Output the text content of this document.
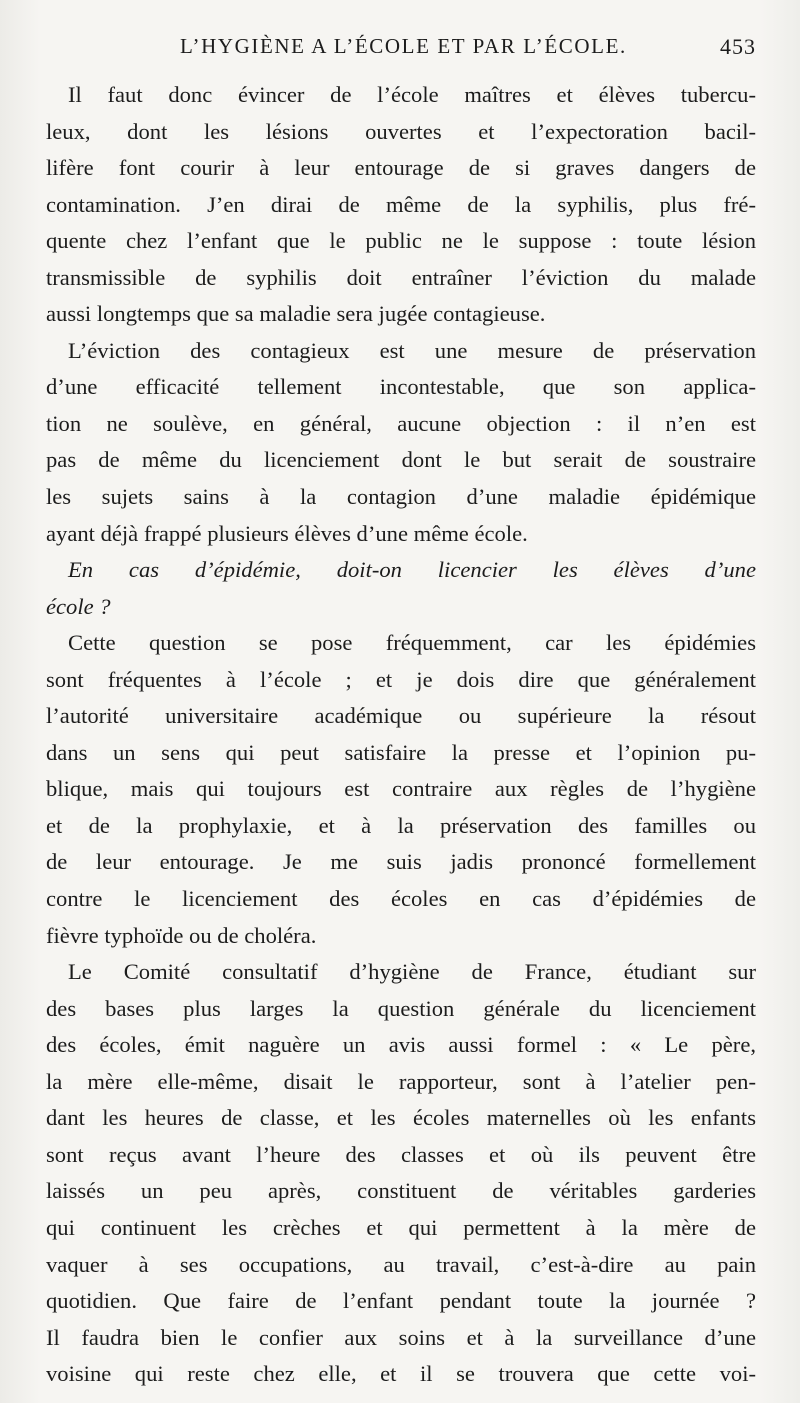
L’HYGIÈNE A L’ÉCOLE ET PAR L’ÉCOLE.	453
Il faut donc évincer de l’école maîtres et élèves tubercu-
leux, dont les lésions ouvertes et l’expectoration bacil-
lifère font courir à leur entourage de si graves dangers de
contamination. J’en dirai de même de la syphilis, plus fré-
quente chez l’enfant que le public ne le suppose : toute lésion
transmissible de syphilis doit entraîner l’éviction du malade
aussi longtemps que sa maladie sera jugée contagieuse.
L’éviction des contagieux est une mesure de préservation
d’une efficacité tellement incontestable, que son applica-
tion ne soulève, en général, aucune objection : il n’en est
pas de même du licenciement dont le but serait de soustraire
les sujets sains à la contagion d’une maladie épidémique
ayant déjà frappé plusieurs élèves d’une même école.
En cas d’épidémie, doit-on licencier les élèves d’une
école ?
Cette question se pose fréquemment, car les épidémies
sont fréquentes à l’école ; et je dois dire que généralement
l’autorité universitaire académique ou supérieure la résout
dans un sens qui peut satisfaire la presse et l’opinion pu-
blique, mais qui toujours est contraire aux règles de l’hygiène
et de la prophylaxie, et à la préservation des familles ou
de leur entourage. Je me suis jadis prononcé formellement
contre le licenciement des écoles en cas d’épidémies de
fièvre typhoïde ou de choléra.
Le Comité consultatif d’hygiène de France, étudiant sur
des bases plus larges la question générale du licenciement
des écoles, émit naguère un avis aussi formel : « Le père,
la mère elle-même, disait le rapporteur, sont à l’atelier pen-
dant les heures de classe, et les écoles maternelles où les enfants
sont reçus avant l’heure des classes et où ils peuvent être
laissés un peu après, constituent de véritables garderies
qui continuent les crèches et qui permettent à la mère de
vaquer à ses occupations, au travail, c’est-à-dire au pain
quotidien. Que faire de l’enfant pendant toute la journée ?
Il faudra bien le confier aux soins et à la surveillance d’une
voisine qui reste chez elle, et il se trouvera que cette voi-
